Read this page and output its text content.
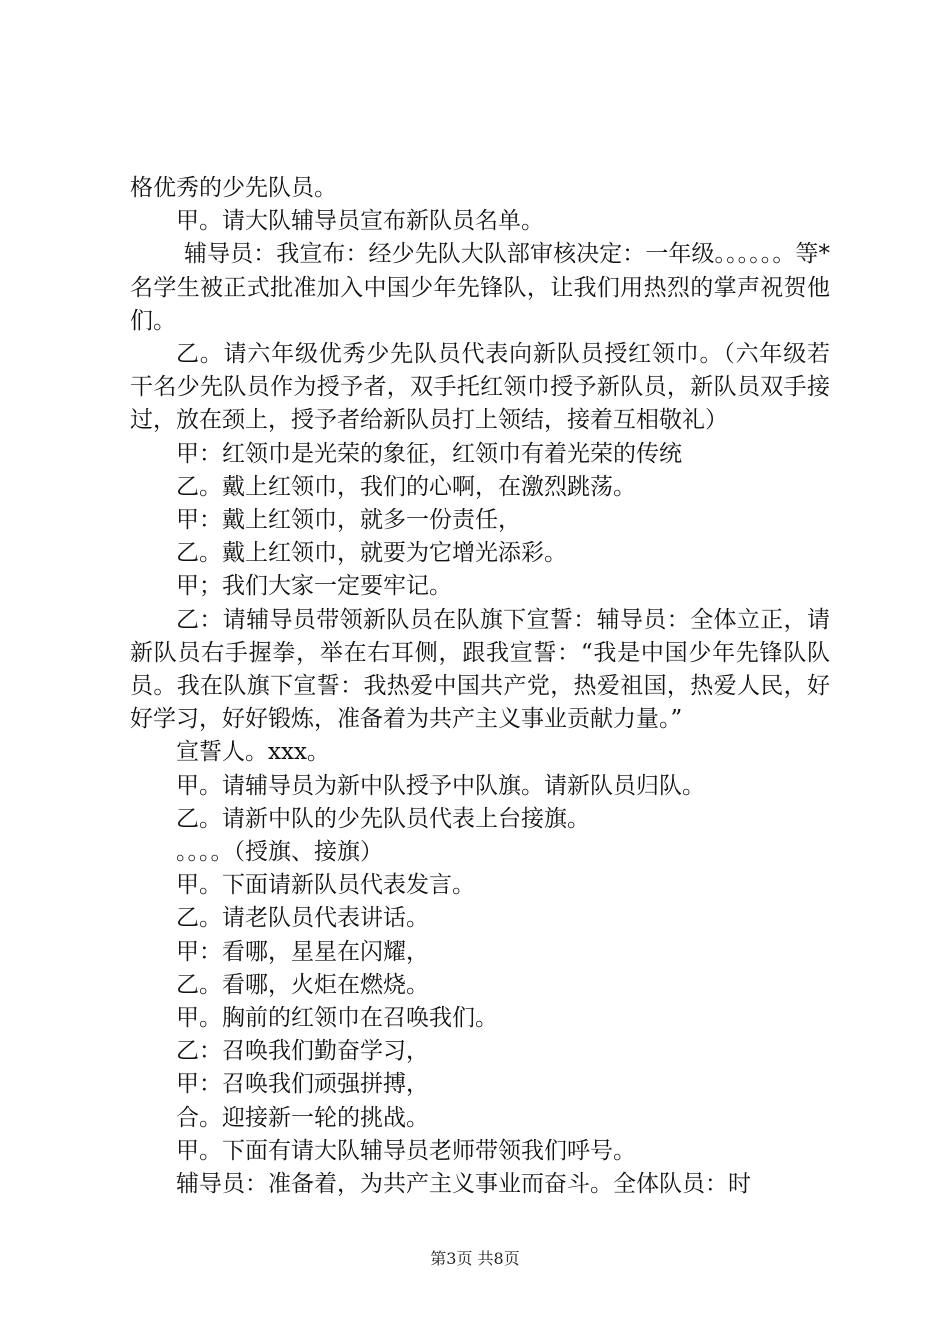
格优秀的少先队员。

甲。请大队辅导员宣布新队员名单。

辅导员：我宣布：经少先队大队部审核决定：一年级。。。。。。等*名学生被正式批准加入中国少年先锋队，让我们用热烈的掌声祝贺他们。

乙。请六年级优秀少先队员代表向新队员授红领巾。（六年级若干名少先队员作为授予者，双手托红领巾授予新队员，新队员双手接过，放在颈上，授予者给新队员打上领结，接着互相敬礼）

甲：红领巾是光荣的象征，红领巾有着光荣的传统

乙。戴上红领巾，我们的心啊，在激烈跳荡。

甲：戴上红领巾，就多一份责任，

乙。戴上红领巾，就要为它增光添彩。

甲；我们大家一定要牢记。

乙：请辅导员带领新队员在队旗下宣誓：辅导员：全体立正，请新队员右手握拳，举在右耳侧，跟我宣誓：“我是中国少年先锋队队员。我在队旗下宣誓：我热爱中国共产党，热爱祖国，热爱人民，好好学习，好好锻炼，准备着为共产主义事业贡献力量。”

宣誓人。xxx。

甲。请辅导员为新中队授予中队旗。请新队员归队。

乙。请新中队的少先队员代表上台接旗。

。。。。（授旗、接旗）

甲。下面请新队员代表发言。

乙。请老队员代表讲话。

甲：看哪，星星在闪耀，

乙。看哪，火炬在燃烧。

甲。胸前的红领巾在召唤我们。

乙：召唤我们勤奋学习，

甲：召唤我们顽强拼搏，

合。迎接新一轮的挑战。

甲。下面有请大队辅导员老师带领我们呼号。

辅导员：准备着，为共产主义事业而奋斗。全体队员：时

第3页 共8页
